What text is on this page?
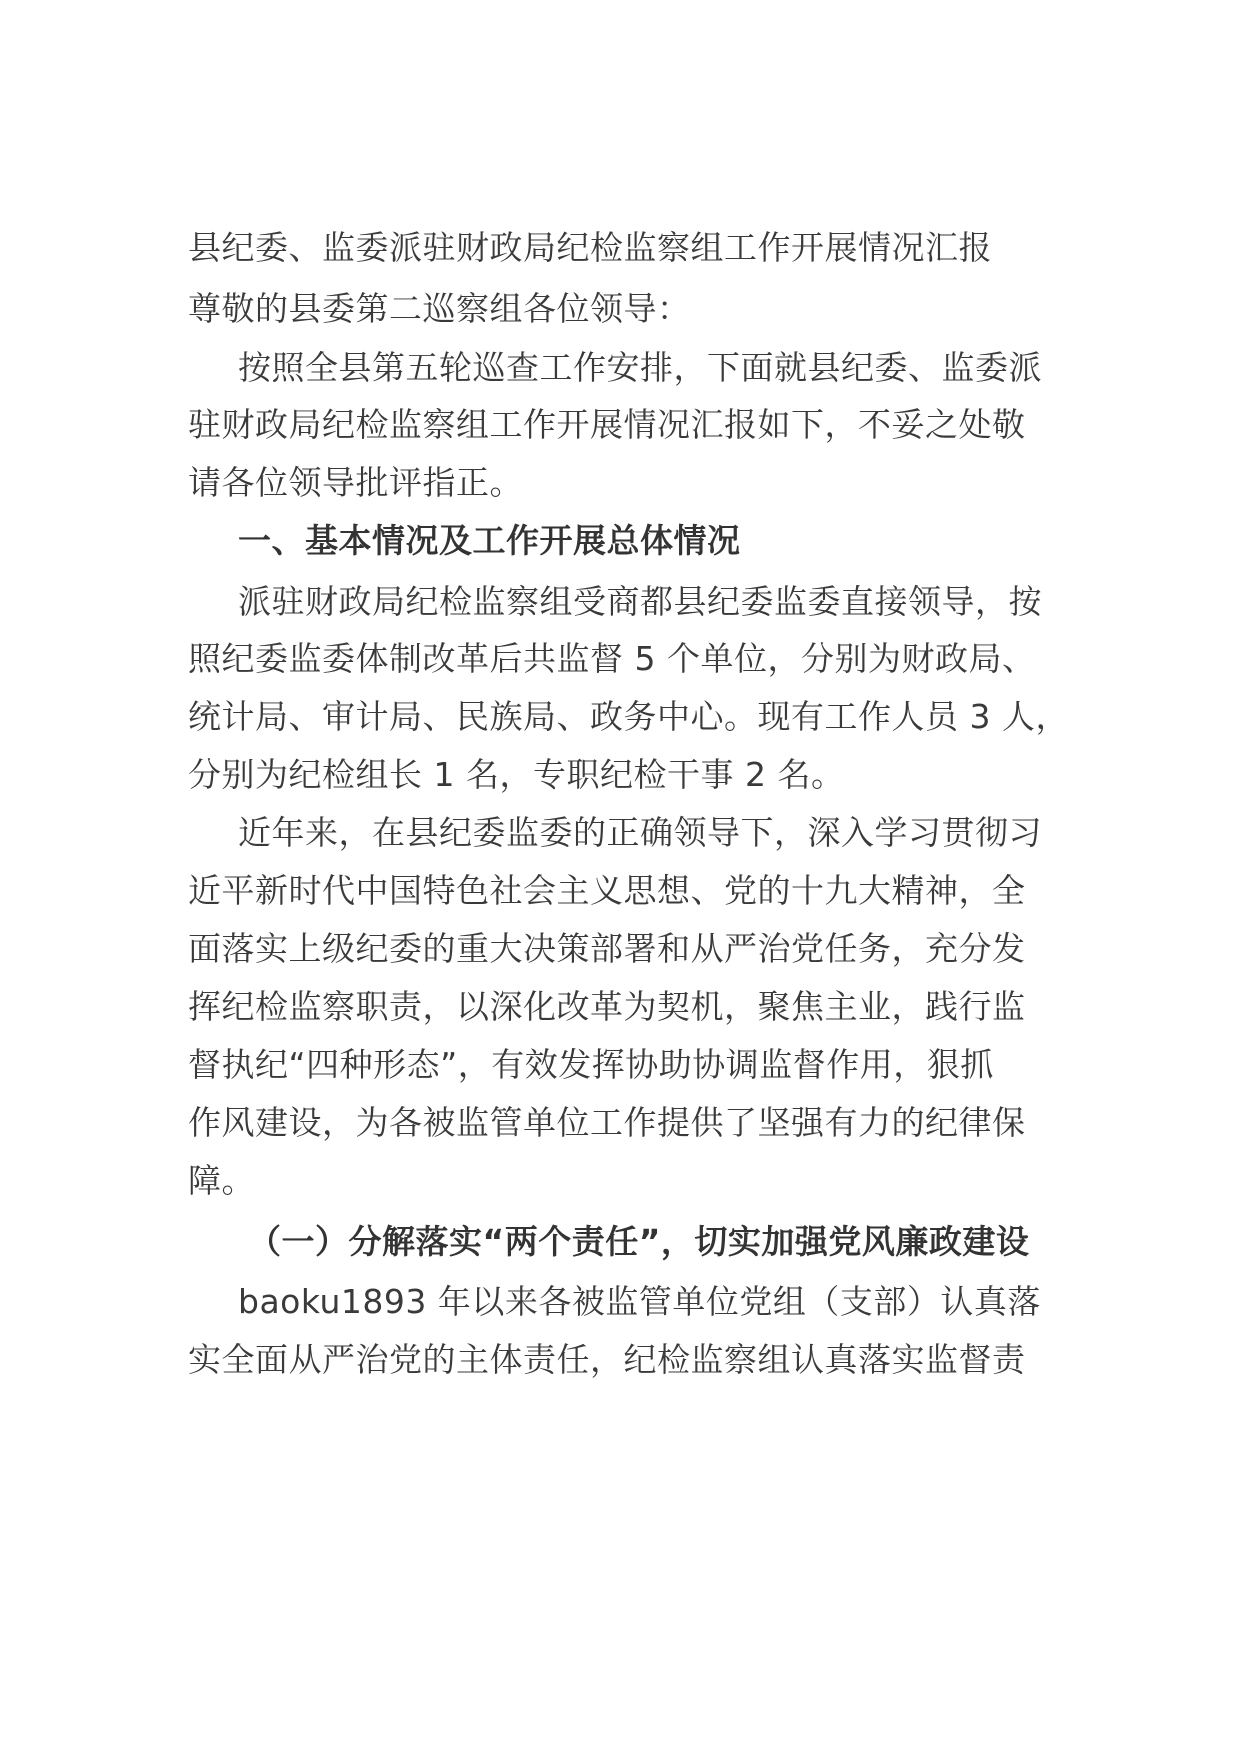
县纪委、监委派驻财政局纪检监察组工作开展情况汇报
尊敬的县委第二巡察组各位领导：
按照全县第五轮巡查工作安排，下面就县纪委、监委派
驻财政局纪检监察组工作开展情况汇报如下，不妥之处敬
请各位领导批评指正。
一、基本情况及工作开展总体情况
派驻财政局纪检监察组受商都县纪委监委直接领导，按
照纪委监委体制改革后共监督 5 个单位，分别为财政局、
统计局、审计局、民族局、政务中心。现有工作人员 3 人，
分别为纪检组长 1 名，专职纪检干事 2 名。
近年来，在县纪委监委的正确领导下，深入学习贯彻习
近平新时代中国特色社会主义思想、党的十九大精神，全
面落实上级纪委的重大决策部署和从严治党任务，充分发
挥纪检监察职责，以深化改革为契机，聚焦主业，践行监
督执纪“四种形态”，有效发挥协助协调监督作用，狠抓
作风建设，为各被监管单位工作提供了坚强有力的纪律保
障。
（一）分解落实“两个责任”，切实加强党风廉政建设
baoku1893 年以来各被监管单位党组（支部）认真落
实全面从严治党的主体责任，纪检监察组认真落实监督责
